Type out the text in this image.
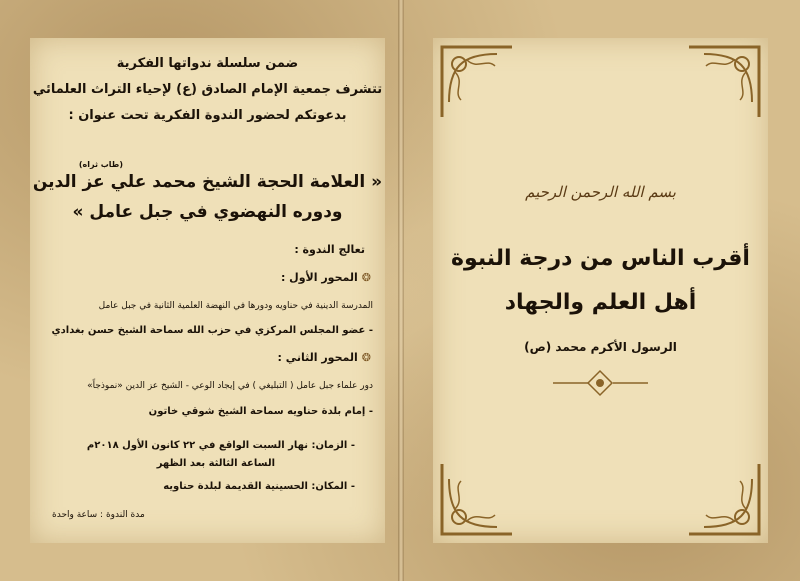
ضمن سلسلة ندواتها الفكرية
تتشرف جمعية الإمام الصادق (ع) لإحياء التراث العلمائي
بدعوتكم لحضور الندوة الفكرية تحت عنوان :
(طاب ثراه)
« العلامة الحجة الشيخ محمد علي عز الدين
ودوره النهضوي في جبل عامل »
تعالج الندوة :
❂المحور الأول :
المدرسة الدينية في حناويه ودورها في النهضة العلمية الثانية في جبل عامل
- عضو المجلس المركزي في حزب الله سماحة الشيخ حسن بغدادي
❂المحور الثاني :
دور علماء جبل عامل ( التبليغي ) في إيجاد الوعي - الشيخ عز الدين «نموذجاً»
- إمام بلدة حناويه سماحة الشيخ شوقي خاتون
- الزمان: نهار السبت الواقع في ٢٢ كانون الأول ٢٠١٨م
الساعة الثالثة بعد الظهر
- المكان: الحسينية القديمة لبلدة حناويه
مدة الندوة : ساعة واحدة
بسم الله الرحمن الرحيم
أقرب الناس من درجة النبوة
أهل العلم والجهاد
الرسول الأكرم محمد (ص)
